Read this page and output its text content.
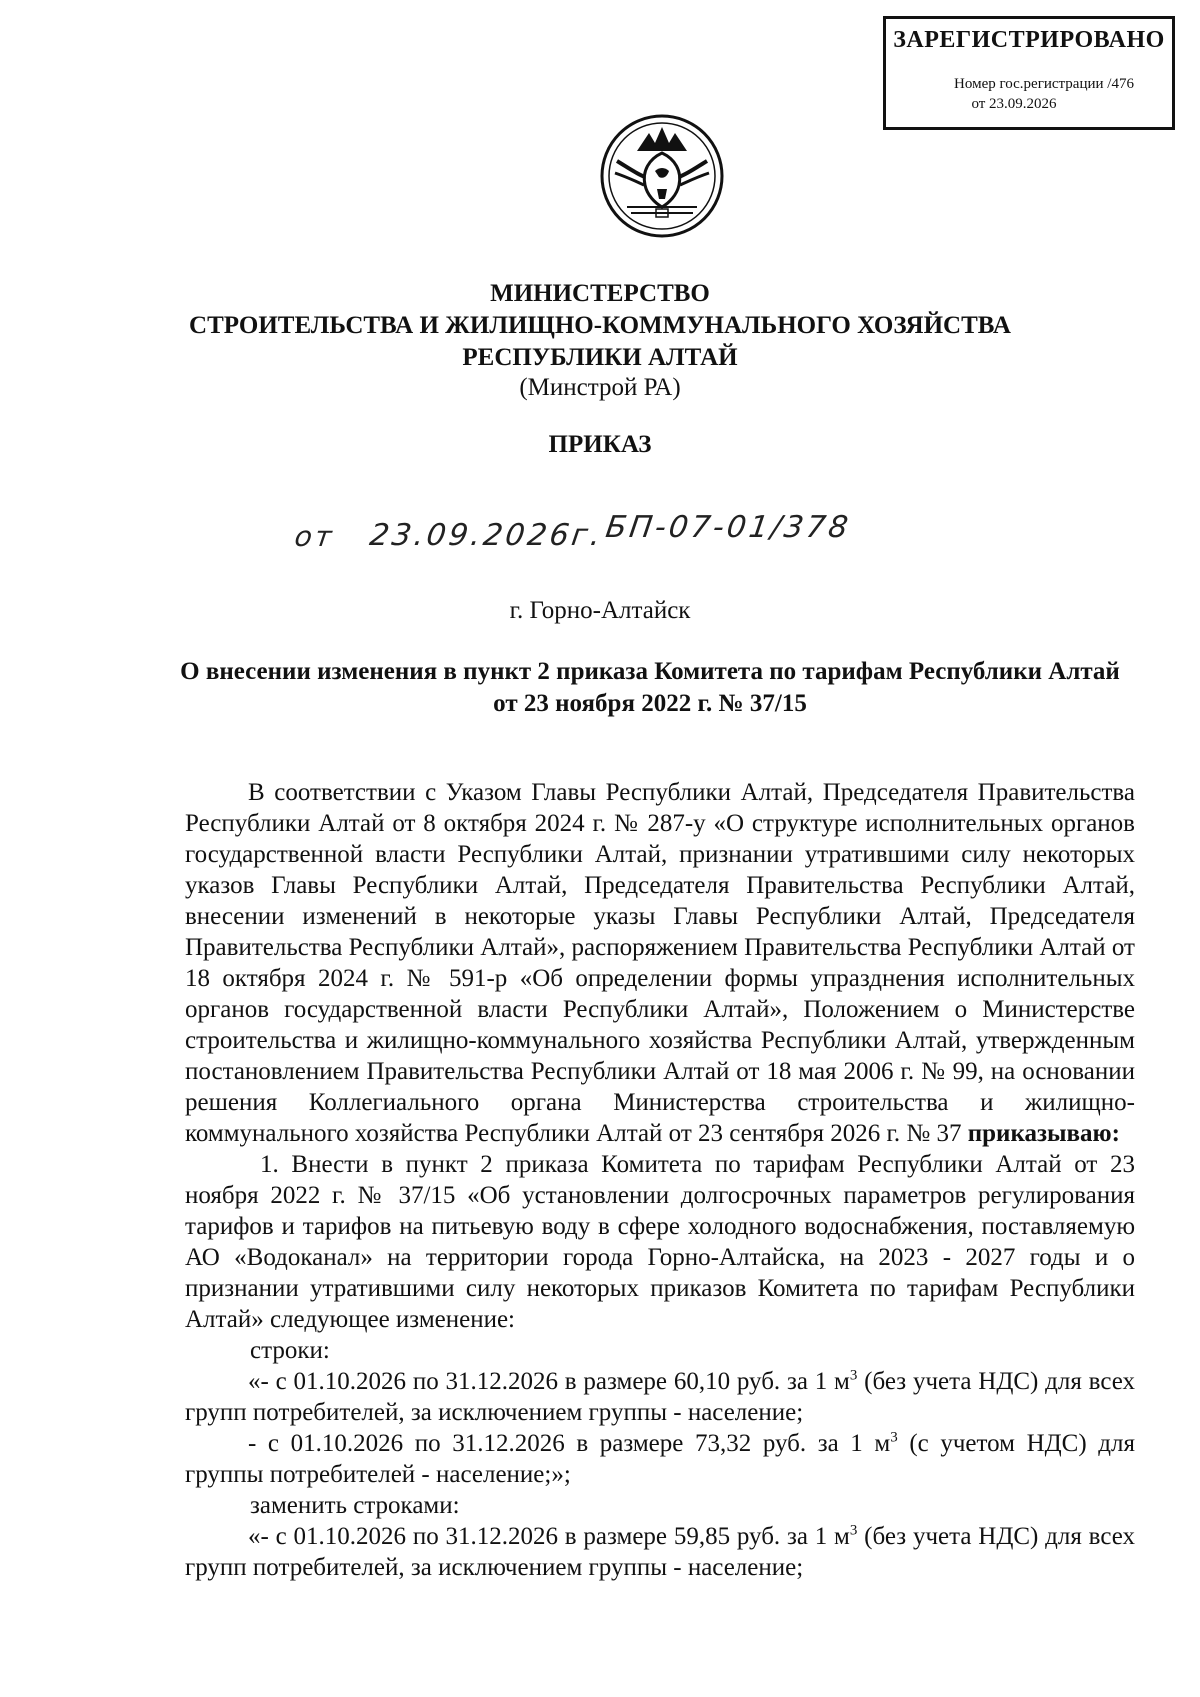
ЗАРЕГИСТРИРОВАНО
Номер гос.регистрации /476
от 23.09.2026
МИНИСТЕРСТВО
СТРОИТЕЛЬСТВА И ЖИЛИЩНО-КОММУНАЛЬНОГО ХОЗЯЙСТВА
РЕСПУБЛИКИ АЛТАЙ
(Минстрой РА)
ПРИКАЗ
от 23.09.2026г.
БП-07-01/378
г. Горно-Алтайск
О внесении изменения в пункт 2 приказа Комитета по тарифам Республики Алтай от 23 ноября 2022 г. № 37/15

В соответствии с Указом Главы Республики Алтай, Председателя Правительства Республики Алтай от 8 октября 2024 г. № 287-у «О структуре исполнительных органов государственной власти Республики Алтай, признании утратившими силу некоторых указов Главы Республики Алтай, Председателя Правительства Республики Алтай, внесении изменений в некоторые указы Главы Республики Алтай, Председателя Правительства Республики Алтай», распоряжением Правительства Республики Алтай от 18 октября 2024 г. № 591-р «Об определении формы упразднения исполнительных органов государственной власти Республики Алтай», Положением о Министерстве строительства и жилищно-коммунального хозяйства Республики Алтай, утвержденным постановлением Правительства Республики Алтай от 18 мая 2006 г. № 99, на основании решения Коллегиального органа Министерства строительства и жилищно-коммунального хозяйства Республики Алтай от 23 сентября 2026 г. № 37 приказываю:

1. Внести в пункт 2 приказа Комитета по тарифам Республики Алтай от 23 ноября 2022 г. № 37/15 «Об установлении долгосрочных параметров регулирования тарифов и тарифов на питьевую воду в сфере холодного водоснабжения, поставляемую АО «Водоканал» на территории города Горно-Алтайска, на 2023 - 2027 годы и о признании утратившими силу некоторых приказов Комитета по тарифам Республики Алтай» следующее изменение:

строки:

«- с 01.10.2026 по 31.12.2026 в размере 60,10 руб. за 1 $м^3$ (без учета НДС) для всех групп потребителей, за исключением группы - население;

- с 01.10.2026 по 31.12.2026 в размере 73,32 руб. за 1 $м^3$ (с учетом НДС) для группы потребителей - население;»;

заменить строками:

«- с 01.10.2026 по 31.12.2026 в размере 59,85 руб. за 1 $м^3$ (без учета НДС) для всех групп потребителей, за исключением группы - население;
